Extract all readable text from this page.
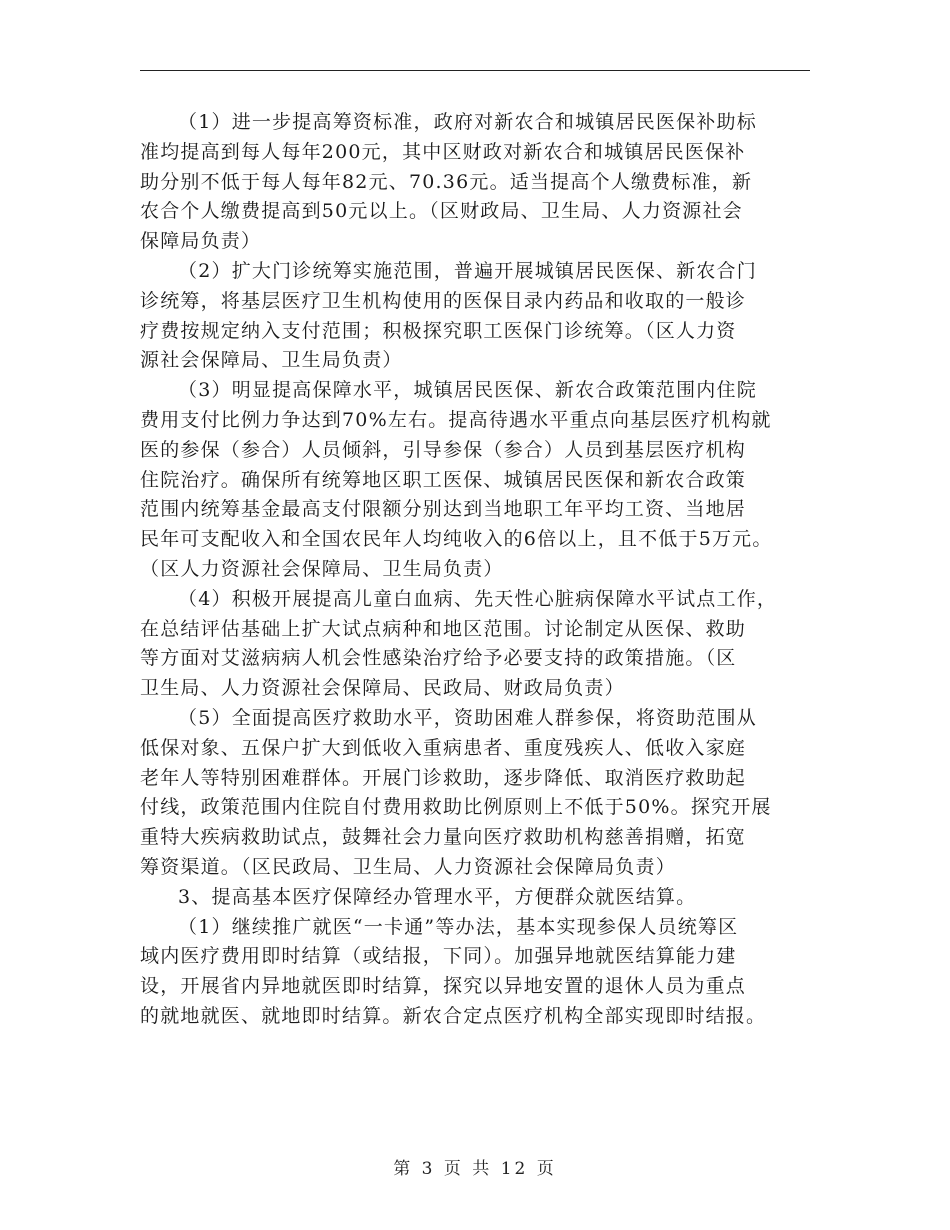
（1）进一步提高筹资标准，政府对新农合和城镇居民医保补助标
准均提高到每人每年200元，其中区财政对新农合和城镇居民医保补
助分别不低于每人每年82元、70.36元。适当提高个人缴费标准，新
农合个人缴费提高到50元以上。（区财政局、卫生局、人力资源社会
保障局负责）
（2）扩大门诊统筹实施范围，普遍开展城镇居民医保、新农合门
诊统筹，将基层医疗卫生机构使用的医保目录内药品和收取的一般诊
疗费按规定纳入支付范围；积极探究职工医保门诊统筹。（区人力资
源社会保障局、卫生局负责）
（3）明显提高保障水平，城镇居民医保、新农合政策范围内住院
费用支付比例力争达到70%左右。提高待遇水平重点向基层医疗机构就
医的参保（参合）人员倾斜，引导参保（参合）人员到基层医疗机构
住院治疗。确保所有统筹地区职工医保、城镇居民医保和新农合政策
范围内统筹基金最高支付限额分别达到当地职工年平均工资、当地居
民年可支配收入和全国农民年人均纯收入的6倍以上，且不低于5万元。
（区人力资源社会保障局、卫生局负责）
（4）积极开展提高儿童白血病、先天性心脏病保障水平试点工作，
在总结评估基础上扩大试点病种和地区范围。讨论制定从医保、救助
等方面对艾滋病病人机会性感染治疗给予必要支持的政策措施。（区
卫生局、人力资源社会保障局、民政局、财政局负责）
（5）全面提高医疗救助水平，资助困难人群参保，将资助范围从
低保对象、五保户扩大到低收入重病患者、重度残疾人、低收入家庭
老年人等特别困难群体。开展门诊救助，逐步降低、取消医疗救助起
付线，政策范围内住院自付费用救助比例原则上不低于50%。探究开展
重特大疾病救助试点，鼓舞社会力量向医疗救助机构慈善捐赠，拓宽
筹资渠道。（区民政局、卫生局、人力资源社会保障局负责）
3、提高基本医疗保障经办管理水平，方便群众就医结算。
（1）继续推广就医“一卡通”等办法，基本实现参保人员统筹区
域内医疗费用即时结算（或结报，下同）。加强异地就医结算能力建
设，开展省内异地就医即时结算，探究以异地安置的退休人员为重点
的就地就医、就地即时结算。新农合定点医疗机构全部实现即时结报。
第 3 页 共 12 页
